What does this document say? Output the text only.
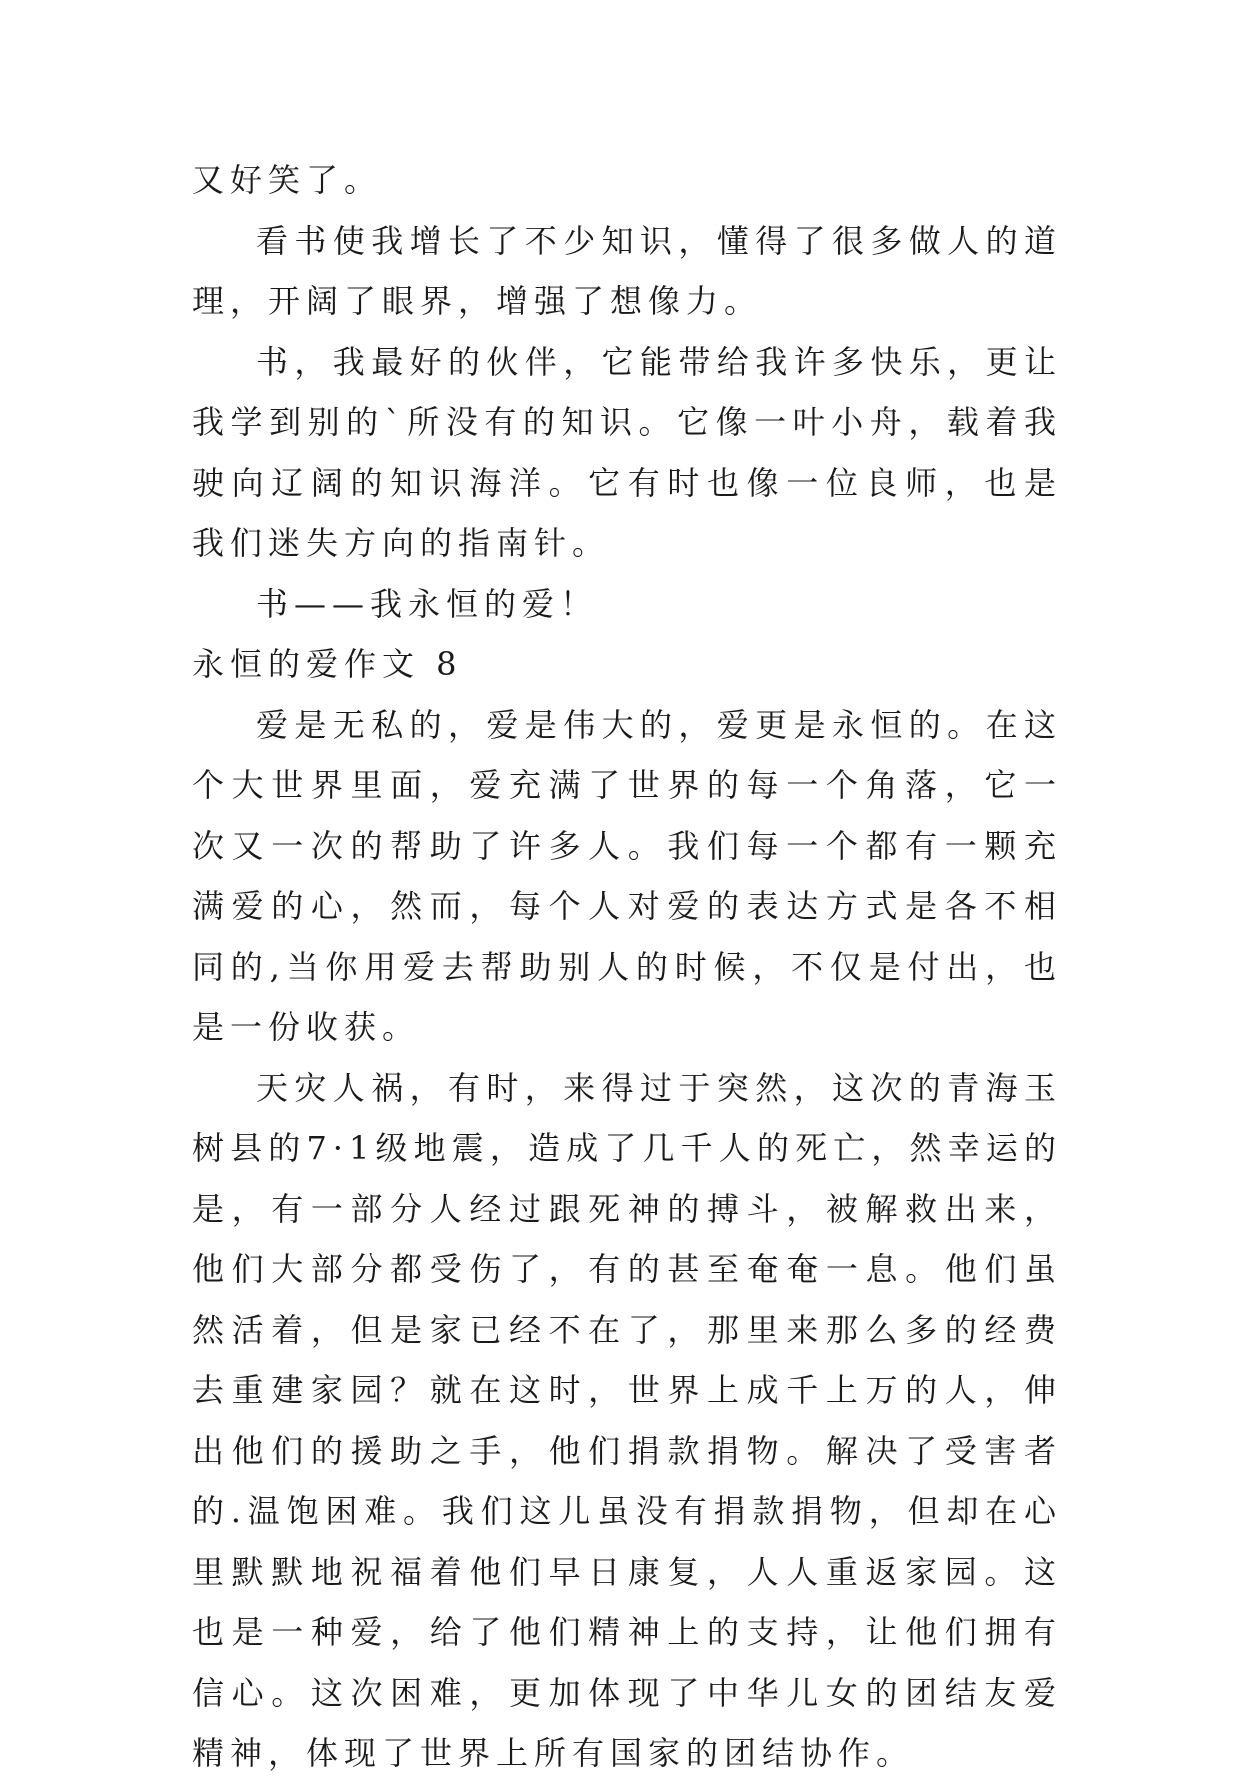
又好笑了。

看书使我增长了不少知识，懂得了很多做人的道理，开阔了眼界，增强了想像力。

书，我最好的伙伴，它能带给我许多快乐，更让我学到别的`所没有的知识。它像一叶小舟，载着我驶向辽阔的知识海洋。它有时也像一位良师，也是我们迷失方向的指南针。

书——我永恒的爱！

永恒的爱作文 8

爱是无私的，爱是伟大的，爱更是永恒的。在这个大世界里面，爱充满了世界的每一个角落，它一次又一次的帮助了许多人。我们每一个都有一颗充满爱的心，然而，每个人对爱的表达方式是各不相同的,当你用爱去帮助别人的时候，不仅是付出，也是一份收获。

天灾人祸，有时，来得过于突然，这次的青海玉树县的7·1级地震，造成了几千人的死亡，然幸运的是，有一部分人经过跟死神的搏斗，被解救出来，他们大部分都受伤了，有的甚至奄奄一息。他们虽然活着，但是家已经不在了，那里来那么多的经费去重建家园？就在这时，世界上成千上万的人，伸出他们的援助之手，他们捐款捐物。解决了受害者的.温饱困难。我们这儿虽没有捐款捐物，但却在心里默默地祝福着他们早日康复，人人重返家园。这也是一种爱，给了他们精神上的支持，让他们拥有信心。这次困难，更加体现了中华儿女的团结友爱精神，体现了世界上所有国家的团结协作。
